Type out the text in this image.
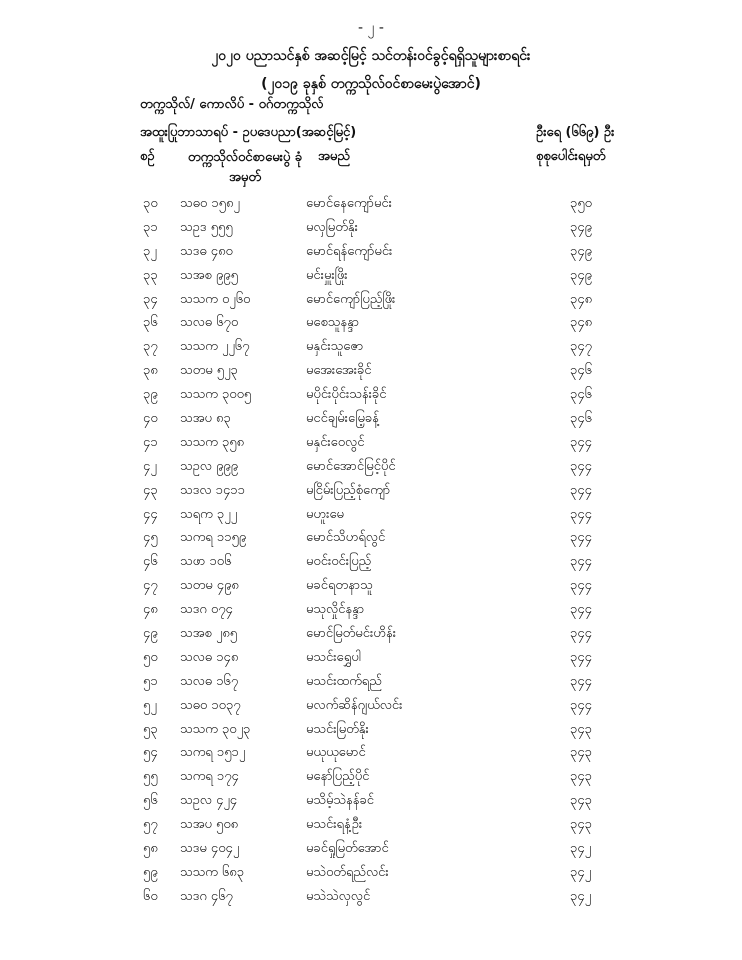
- ၂ -
၂၀၂၀ ပညာသင်နှစ် အဆင့်မြင့် သင်တန်းဝင်ခွင့်ရရှိသူများစာရင်း
(၂၀၁၉ ခုနှစ် တက္ကသိုလ်ဝင်စာမေးပွဲအောင်)
တက္ကသိုလ်/ ကောလိပ် - ဝဂ်တက္ကသိုလ်
အထူးပြုဘာသာရပ် - ဥပဒေပညာ(အဆင့်မြင့်)	ဦးရေ (၆၆၉) ဦး
စဉ်	တက္ကသိုလ်ဝင်စာမေးပွဲ ခုံအမှတ်
အမည်	စုစုပေါင်းရမှတ်
၃၀ သဓဝ ၁၅၈၂	မောင်နေကျော်မင်း	၃၅၀
၃၁ သဥဒ ၅၅၅	မလှမြတ်နိုး	၃၄၉
၃၂ သဒဓ ၄၈၀	မောင်ရန်ကျော်မင်း	၃၄၉
၃၃ သအစ ၉၉၅	မင်းမှူးဖြိုး	၃၄၉
၃၄ သသက ၀၂၆၀	မောင်ကျော်ပြည့်ဖြိုး	၃၄၈
၃၆ သလဓ ၆၇၀	မစေသူနန္ဒာ	၃၄၈
၃၇ သသက ၂၂၆၇	မနှင်းသူဇော	၃၄၇
၃၈ သတမ ၅၂၃	မအေးအေးခိုင်	၃၄၆
၃၉ သသက ၃၀၀၅	မပိုင်းပိုင်းသန်းခိုင်	၃၄၆
၄၀ သအပ ၈၃	မငင်ချမ်းမြေ့ခန့်	၃၄၆
၄၁ သသက ၃၅၈	မနှင်းဝေလွင်	၃၄၄
၄၂ သဥလ ၉၉၉	မောင်အောင်မြင့်ပိုင်	၃၄၄
၄၃ သဒလ ၁၄၁၁	မငြိမ်းပြည့်စုံကျော်	၃၄၄
၄၄ သရက ၃၂၂	မဟူးမေ	၃၄၄
၄၅ သကရ ၁၁၅၉	မောင်သိဟရ်လွင်	၃၄၄
၄၆ သဖာ ၁၀၆	မဝင်းဝင်းပြည့်	၃၄၄
၄၇ သတမ ၄၉၈	မခင်ရတနာသူ	၃၄၄
၄၈ သဒဂ ၀၇၄	မသုလှိုင်နန္ဒာ	၃၄၄
၄၉ သအစ ၂၈၅	မောင်မြတ်မင်းဟိန်း	၃၄၄
၅၀ သလဓ ၁၄၈	မသင်းရွှေပါ	၃၄၄
၅၁ သလဓ ၁၆၇	မသင်းထက်ရည်	၃၄၄
၅၂ သဓဝ ၁၀၃၇	မလက်ဆိန်ဂျယ်လင်း	၃၄၄
၅၃ သသက ၃၀၂၃	မသင်းမြတ်နိုး	၃၄၃
၅၄ သကရ ၁၅၁၂	မယုယုမောင်	၃၄၃
၅၅ သကရ ၁၇၄	မနော်ပြည့်ပိုင်	၃၄၃
၅၆ သဥလ ၄၂၄	မသိမ့်သဲနန်ခင်	၃၄၃
၅၇ သအပ ၅၀၈	မသင်းရနံ့ဦး	၃၄၃
၅၈ သဒမ ၄၀၄၂	မခင်ရှုမြတ်အောင်	၃၄၂
၅၉ သသက ၆၈၃	မသဲဝတ်ရည်လင်း	၃၄၂
၆၀ သဒဂ ၄၆၇	မသဲသဲလှလွင်	၃၄၂
